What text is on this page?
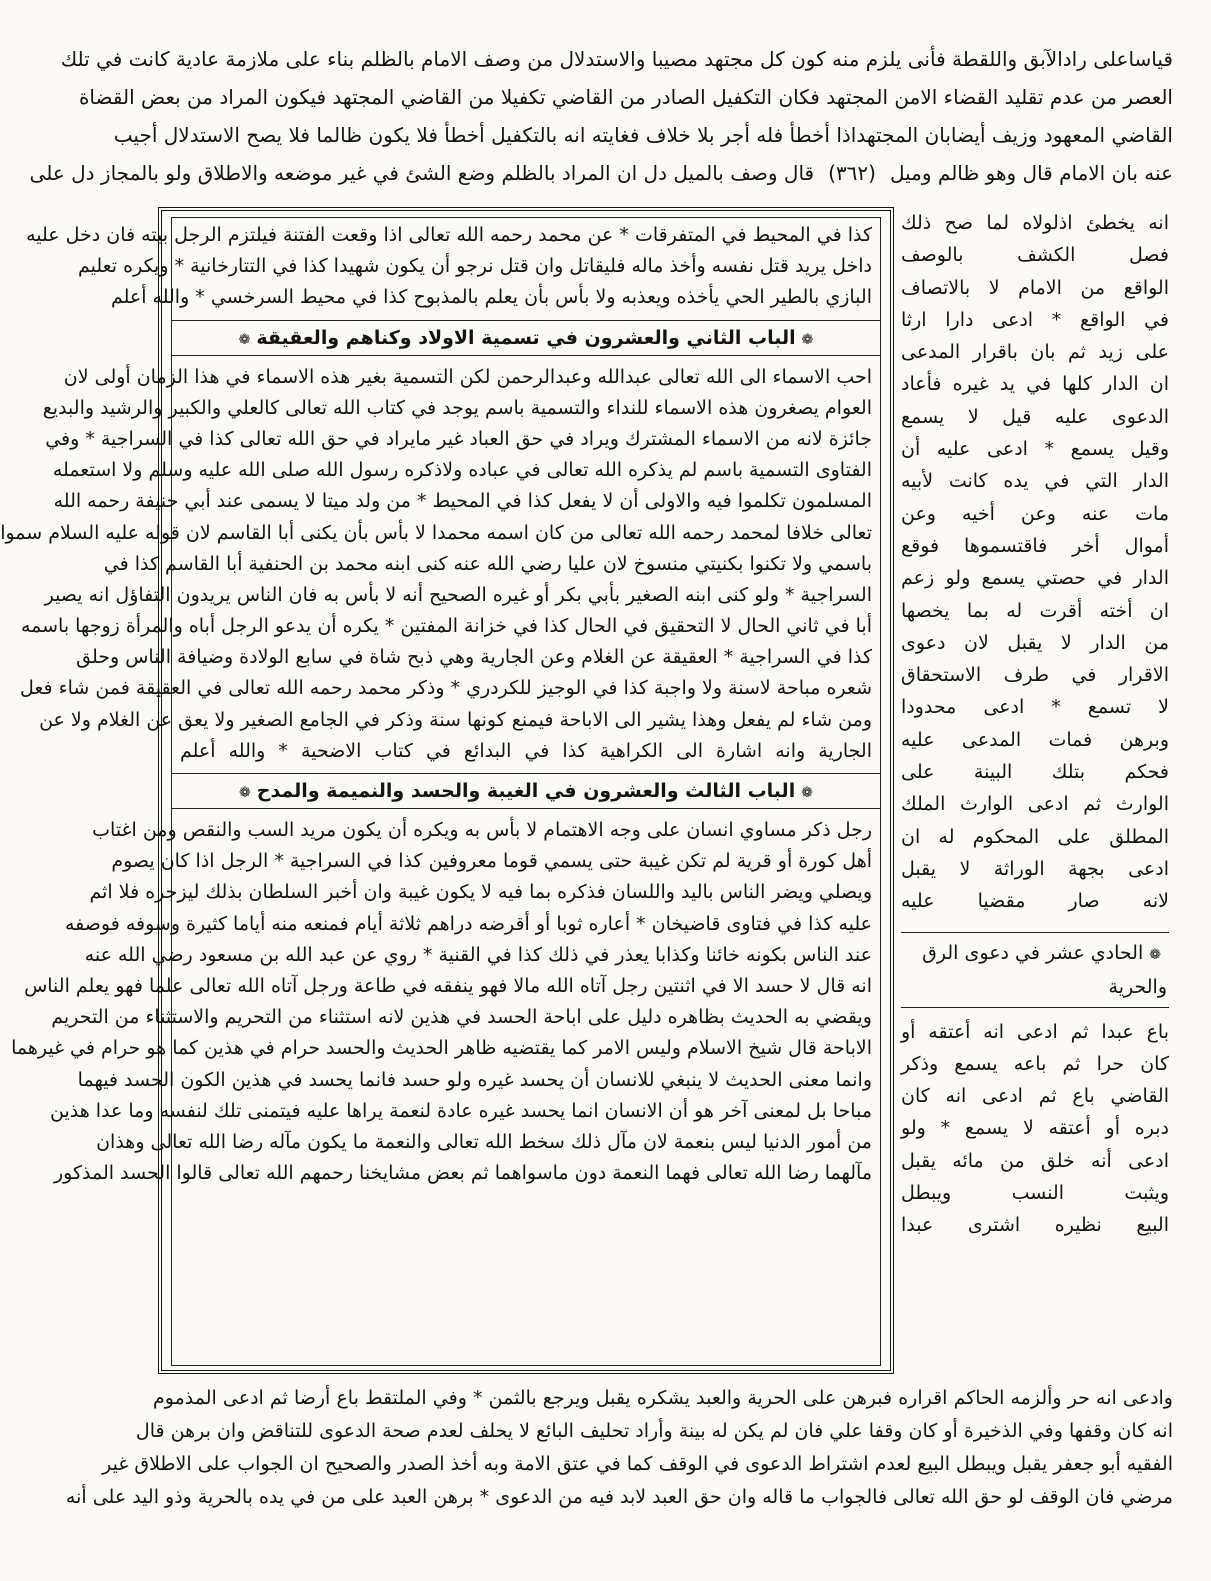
قياساعلى رادالآبق واللقطة فأنى يلزم منه كون كل مجتهد مصيبا والاستدلال من وصف الامام بالظلم بناء على ملازمة عادية كانت في تلك
العصر من عدم تقليد القضاء الامن المجتهد فكان التكفيل الصادر من القاضي تكفيلا من القاضي المجتهد فيكون المراد من بعض القضاة
القاضي المعهود وزيف أيضابان المجتهداذا أخطأ فله أجر بلا خلاف فغايته انه بالتكفيل أخطأ فلا يكون ظالما فلا يصح الاستدلال أجيب
عنه بان الامام قال وهو ظالم وميل(٣٦٢)قال وصف بالميل دل ان المراد بالظلم وضع الشئ في غير موضعه والاطلاق ولو بالمجاز دل على
كذا في المحيط في المتفرقات * عن محمد رحمه الله تعالى اذا وقعت الفتنة فيلتزم الرجل بيته فان دخل عليه
داخل يريد قتل نفسه وأخذ ماله فليقاتل وان قتل نرجو أن يكون شهيدا كذا في التتارخانية * ويكره تعليم
البازي بالطير الحي يأخذه ويعذبه ولا بأس بأن يعلم بالمذبوح كذا في محيط السرخسي * والله أعلم
❁الباب الثاني والعشرون في تسمية الاولاد وكناهم والعقيقة❁
احب الاسماء الى الله تعالى عبدالله وعبدالرحمن لكن التسمية بغير هذه الاسماء في هذا الزمان أولى لان
العوام يصغرون هذه الاسماء للنداء والتسمية باسم يوجد في كتاب الله تعالى كالعلي والكبير والرشيد والبديع
جائزة لانه من الاسماء المشترك ويراد في حق العباد غير مايراد في حق الله تعالى كذا في السراجية * وفي
الفتاوى التسمية باسم لم يذكره الله تعالى في عباده ولاذكره رسول الله صلى الله عليه وسلم ولا استعمله
المسلمون تكلموا فيه والاولى أن لا يفعل كذا في المحيط * من ولد ميتا لا يسمى عند أبي حنيفة رحمه الله
تعالى خلافا لمحمد رحمه الله تعالى من كان اسمه محمدا لا بأس بأن يكنى أبا القاسم لان قوله عليه السلام سموا
باسمي ولا تكنوا بكنيتي منسوخ لان عليا رضي الله عنه كنى ابنه محمد بن الحنفية أبا القاسم كذا في
السراجية * ولو كنى ابنه الصغير بأبي بكر أو غيره الصحيح أنه لا بأس به فان الناس يريدون التفاؤل انه يصير
أبا في ثاني الحال لا التحقيق في الحال كذا في خزانة المفتين * يكره أن يدعو الرجل أباه والمرأة زوجها باسمه
كذا في السراجية * العقيقة عن الغلام وعن الجارية وهي ذبح شاة في سابع الولادة وضيافة الناس وحلق
شعره مباحة لاسنة ولا واجبة كذا في الوجيز للكردري * وذكر محمد رحمه الله تعالى في العقيقة فمن شاء فعل
ومن شاء لم يفعل وهذا يشير الى الاباحة فيمنع كونها سنة وذكر في الجامع الصغير ولا يعق عن الغلام ولا عن
الجارية وانه اشارة الى الكراهية كذا في البدائع في كتاب الاضحية * والله أعلم
❁الباب الثالث والعشرون في الغيبة والحسد والنميمة والمدح❁
رجل ذكر مساوي انسان على وجه الاهتمام لا بأس به ويكره أن يكون مريد السب والنقص ومن اغتاب
أهل كورة أو قرية لم تكن غيبة حتى يسمي قوما معروفين كذا في السراجية * الرجل اذا كان يصوم
ويصلي ويضر الناس باليد واللسان فذكره بما فيه لا يكون غيبة وان أخبر السلطان بذلك ليزجره فلا اثم
عليه كذا في فتاوى قاضيخان * أعاره ثوبا أو أقرضه دراهم ثلاثة أيام فمنعه منه أياما كثيرة وسوفه فوصفه
عند الناس بكونه خائنا وكذابا يعذر في ذلك كذا في القنية * روي عن عبد الله بن مسعود رضي الله عنه
انه قال لا حسد الا في اثنتين رجل آتاه الله مالا فهو ينفقه في طاعة ورجل آتاه الله تعالى علما فهو يعلم الناس
ويقضي به الحديث بظاهره دليل على اباحة الحسد في هذين لانه استثناء من التحريم والاستثناء من التحريم
الاباحة قال شيخ الاسلام وليس الامر كما يقتضيه ظاهر الحديث والحسد حرام في هذين كما هو حرام في غيرهما
وانما معنى الحديث لا ينبغي للانسان أن يحسد غيره ولو حسد فانما يحسد في هذين الكون الحسد فيهما
مباحا بل لمعنى آخر هو أن الانسان انما يحسد غيره عادة لنعمة يراها عليه فيتمنى تلك لنفسه وما عدا هذين
من أمور الدنيا ليس بنعمة لان مآل ذلك سخط الله تعالى والنعمة ما يكون مآله رضا الله تعالى وهذان
مآلهما رضا الله تعالى فهما النعمة دون ماسواهما ثم بعض مشايخنا رحمهم الله تعالى قالوا الحسد المذكور
انه يخطئ اذلولاه لما صح ذلك
فصل الكشف بالوصف
الواقع من الامام لا بالاتصاف
في الواقع * ادعى دارا ارثا
على زيد ثم بان باقرار المدعى
ان الدار كلها في يد غيره فأعاد
الدعوى عليه قيل لا يسمع
وقيل يسمع * ادعى عليه أن
الدار التي في يده كانت لأبيه
مات عنه وعن أخيه وعن
أموال أخر فاقتسموها فوقع
الدار في حصتي يسمع ولو زعم
ان أخته أقرت له بما يخصها
من الدار لا يقبل لان دعوى
الاقرار في طرف الاستحقاق
لا تسمع * ادعى محدودا
وبرهن فمات المدعى عليه
فحكم بتلك البينة على
الوارث ثم ادعى الوارث الملك
المطلق على المحكوم له ان
ادعى بجهة الوراثة لا يقبل
لانه صار مقضيا عليه
❁الحادي عشر في دعوى الرق والحرية
باع عبدا ثم ادعى انه أعتقه أو
كان حرا ثم باعه يسمع وذكر
القاضي باع ثم ادعى انه كان
دبره أو أعتقه لا يسمع * ولو
ادعى أنه خلق من مائه يقبل
ويثبت النسب ويبطل
البيع نظيره اشترى عبدا
وادعى انه حر وألزمه الحاكم اقراره فبرهن على الحرية والعبد يشكره يقبل ويرجع بالثمن * وفي الملتقط باع أرضا ثم ادعى المذموم
انه كان وقفها وفي الذخيرة أو كان وقفا علي فان لم يكن له بينة وأراد تحليف البائع لا يحلف لعدم صحة الدعوى للتناقض وان برهن قال
الفقيه أبو جعفر يقبل ويبطل البيع لعدم اشتراط الدعوى في الوقف كما في عتق الامة وبه أخذ الصدر والصحيح ان الجواب على الاطلاق غير
مرضي فان الوقف لو حق الله تعالى فالجواب ما قاله وان حق العبد لابد فيه من الدعوى * برهن العبد على من في يده بالحرية وذو اليد على أنه
